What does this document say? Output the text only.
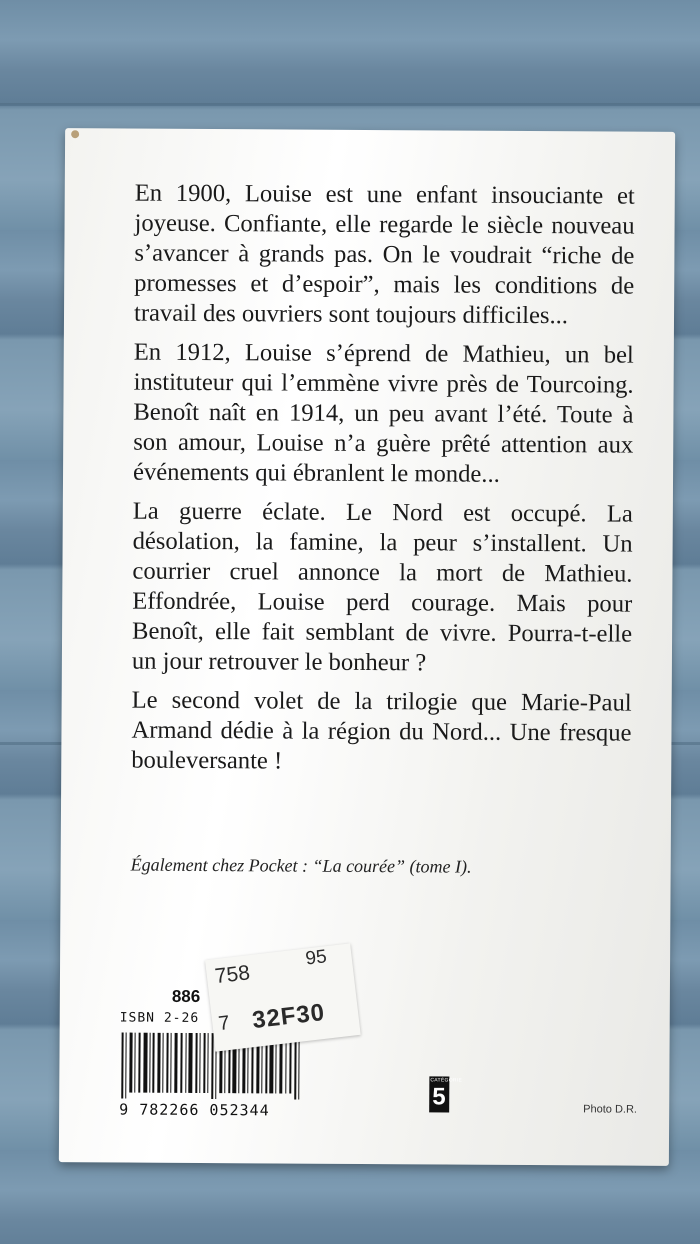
En 1900, Louise est une enfant insouciante et joyeuse. Confiante, elle regarde le siècle nouveau s’avancer à grands pas. On le voudrait “riche de promesses et d’espoir”, mais les conditions de travail des ouvriers sont toujours difficiles...

En 1912, Louise s’éprend de Mathieu, un bel instituteur qui l’emmène vivre près de Tourcoing. Benoît naît en 1914, un peu avant l’été. Toute à son amour, Louise n’a guère prêté attention aux événements qui ébranlent le monde...

La guerre éclate. Le Nord est occupé. La désolation, la famine, la peur s’installent. Un courrier cruel annonce la mort de Mathieu. Effondrée, Louise perd courage. Mais pour Benoît, elle fait semblant de vivre. Pourra-t-elle un jour retrouver le bonheur ?

Le second volet de la trilogie que Marie-Paul Armand dédie à la région du Nord... Une fresque bouleversante !

Également chez Pocket : “La courée” (tome I).
886
ISBN 2-26
9 782266 052344
758
95
7 32F30
CATÉGORIE
5	Photo D.R.
